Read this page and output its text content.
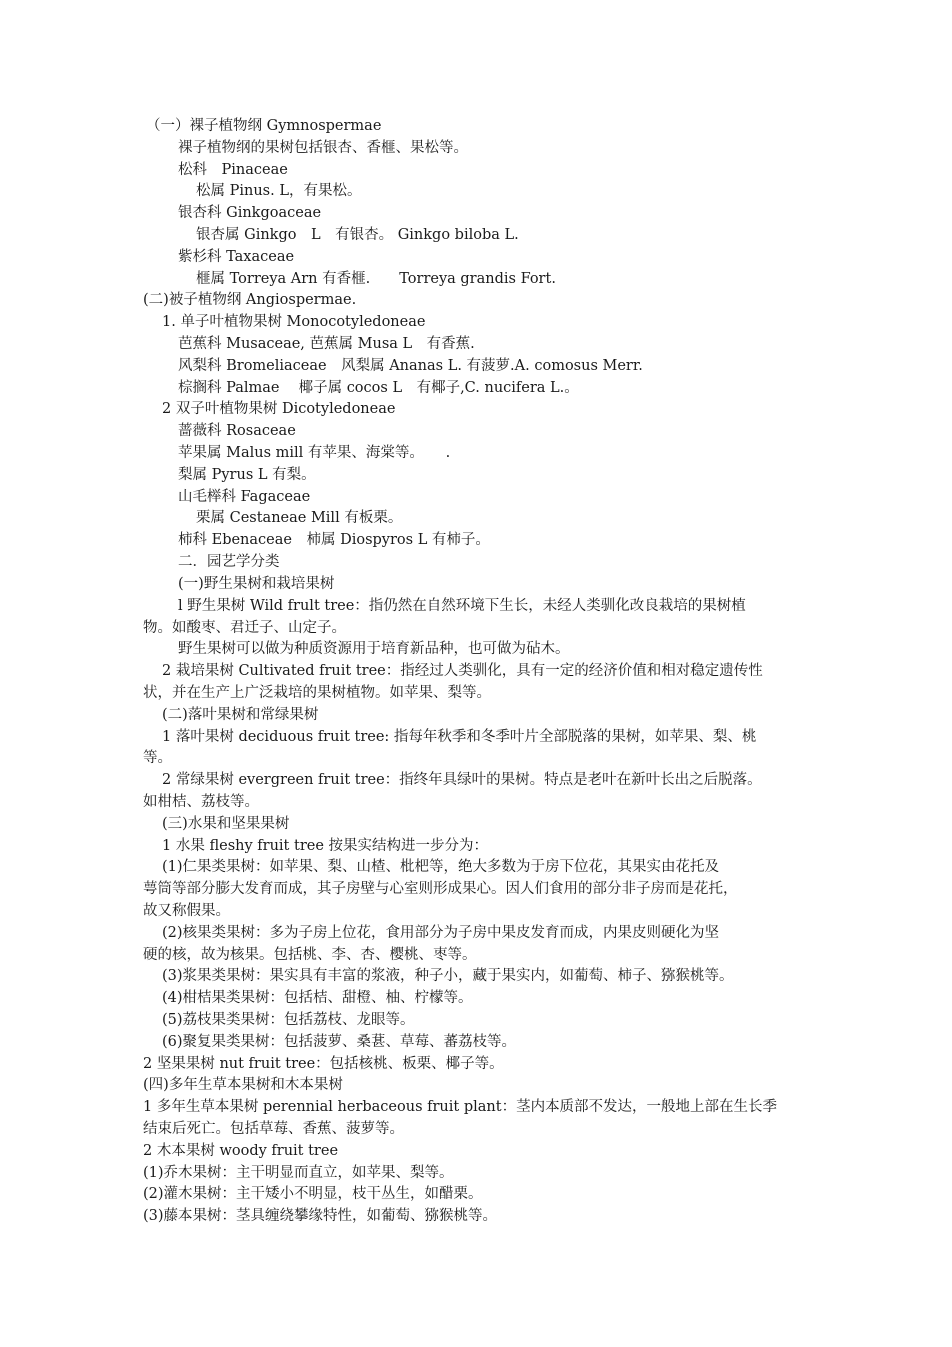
（一）裸子植物纲 Gymnospermae
裸子植物纲的果树包括银杏、香榧、果松等。
松科　Pinaceae
松属 Pinus. L，有果松。
银杏科 Ginkgoaceae
银杏属 Ginkgo　L　有银杏。 Ginkgo biloba L.
紫杉科 Taxaceae
榧属 Torreya Arn 有香榧.　　Torreya grandis Fort.
(二)被子植物纲 Angiospermae.
1. 单子叶植物果树 Monocotyledoneae
芭蕉科 Musaceae, 芭蕉属 Musa L　有香蕉.
风梨科 Bromeliaceae　风梨属 Ananas L. 有菠萝.A. comosus Merr.
棕搁科 Palmae　 椰子属 cocos L　有椰子,C. nucifera L.。
2 双子叶植物果树 Dicotyledoneae
蔷薇科 Rosaceae
苹果属 Malus mill 有苹果、海棠等。　　.
梨属 Pyrus L 有梨。
山毛榉科 Fagaceae
栗属 Cestaneae Mill 有板栗。
柿科 Ebenaceae　柿属 Diospyros L 有柿子。
二．园艺学分类
(一)野生果树和栽培果树
l 野生果树 Wild frult tree：指仍然在自然环境下生长，未经人类驯化改良栽培的果树植
物。如酸枣、君迁子、山定子。
野生果树可以做为种质资源用于培育新品种，也可做为砧木。
2 栽培果树 Cultivated fruit tree：指经过人类驯化，具有一定的经济价值和相对稳定遗传性
状，并在生产上广泛栽培的果树植物。如苹果、梨等。
(二)落叶果树和常绿果树
1 落叶果树 deciduous fruit tree: 指每年秋季和冬季叶片全部脱落的果树，如苹果、梨、桃
等。
2 常绿果树 evergreen fruit tree：指终年具绿叶的果树。特点是老叶在新叶长出之后脱落。
如柑桔、荔枝等。
(三)水果和坚果果树
1 水果 fleshy fruit tree 按果实结构进一步分为：
(1)仁果类果树：如苹果、梨、山楂、枇杷等，绝大多数为于房下位花，其果实由花托及
萼筒等部分膨大发育而成，其子房壁与心室则形成果心。因人们食用的部分非子房而是花托，
故又称假果。
(2)核果类果树：多为子房上位花，食用部分为子房中果皮发育而成，内果皮则硬化为坚
硬的核，故为核果。包括桃、李、杏、樱桃、枣等。
(3)浆果类果树：果实具有丰富的浆液，种子小，藏于果实内，如葡萄、柿子、猕猴桃等。
(4)柑桔果类果树：包括桔、甜橙、柚、柠檬等。
(5)荔枝果类果树：包括荔枝、龙眼等。
(6)聚复果类果树：包括菠萝、桑葚、草莓、蕃荔枝等。
2 坚果果树 nut fruit tree：包括核桃、板栗、椰子等。
(四)多年生草本果树和木本果树
1 多年生草本果树 perennial herbaceous fruit plant：茎内本质部不发达，一般地上部在生长季
结束后死亡。包括草莓、香蕉、菠萝等。
2 木本果树 woody fruit tree
(1)乔木果树：主干明显而直立，如苹果、梨等。
(2)灌木果树：主干矮小不明显，枝干丛生，如醋栗。
(3)藤本果树：茎具缠绕攀缘特性，如葡萄、猕猴桃等。
